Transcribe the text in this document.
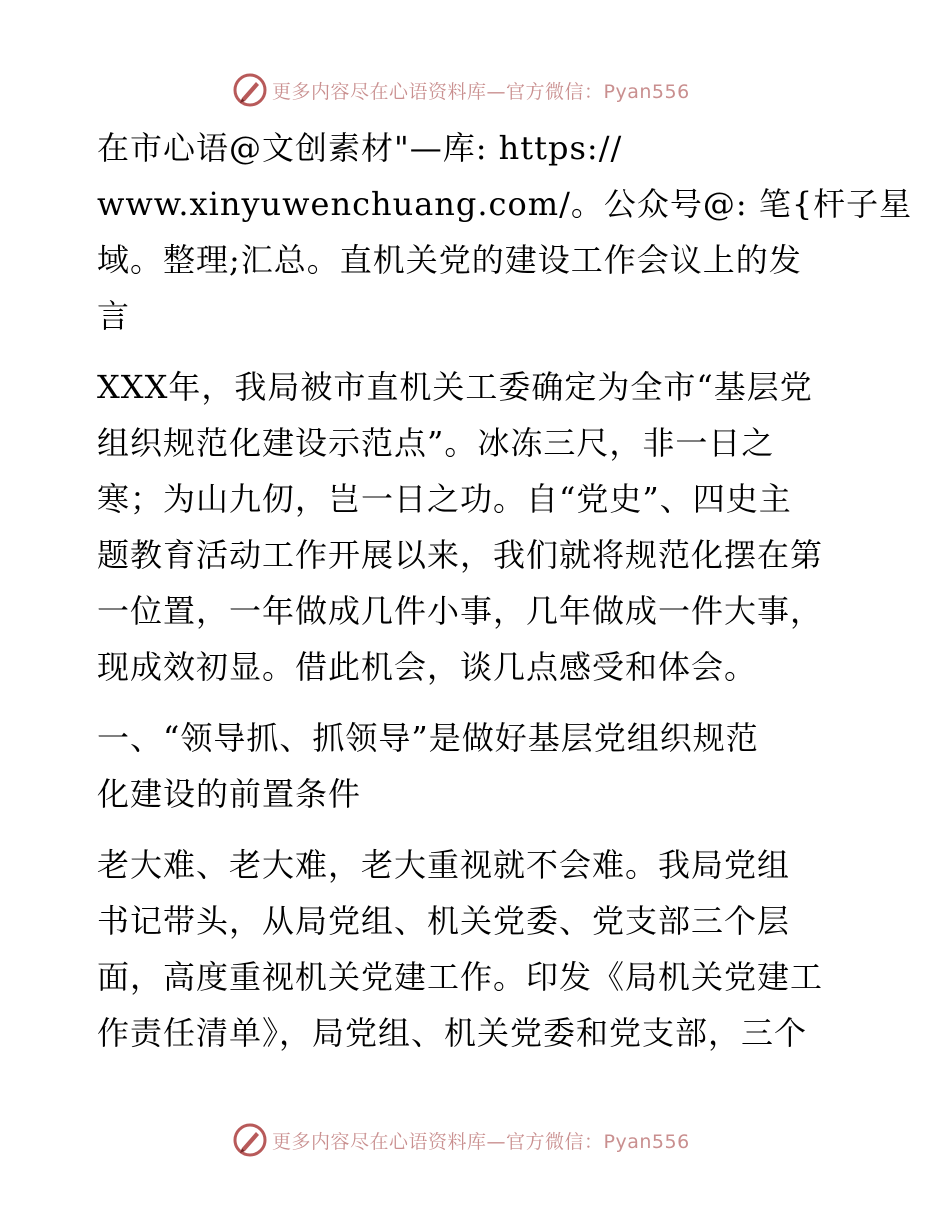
更多内容尽在心语资料库—官方微信：Pyan556
在市心语@文创素材"—库: https://
www.xinyuwenchuang.com/。公众号@: 笔{杆子星
域。整理;汇总。直机关党的建设工作会议上的发
言
XXX年，我局被市直机关工委确定为全市“基层党
组织规范化建设示范点”。冰冻三尺，非一日之
寒；为山九仞，岂一日之功。自“党史”、四史主
题教育活动工作开展以来，我们就将规范化摆在第
一位置，一年做成几件小事，几年做成一件大事，
现成效初显。借此机会，谈几点感受和体会。
一、“领导抓、抓领导”是做好基层党组织规范
化建设的前置条件
老大难、老大难，老大重视就不会难。我局党组
书记带头，从局党组、机关党委、党支部三个层
面，高度重视机关党建工作。印发《局机关党建工
作责任清单》，局党组、机关党委和党支部，三个
更多内容尽在心语资料库—官方微信：Pyan556
